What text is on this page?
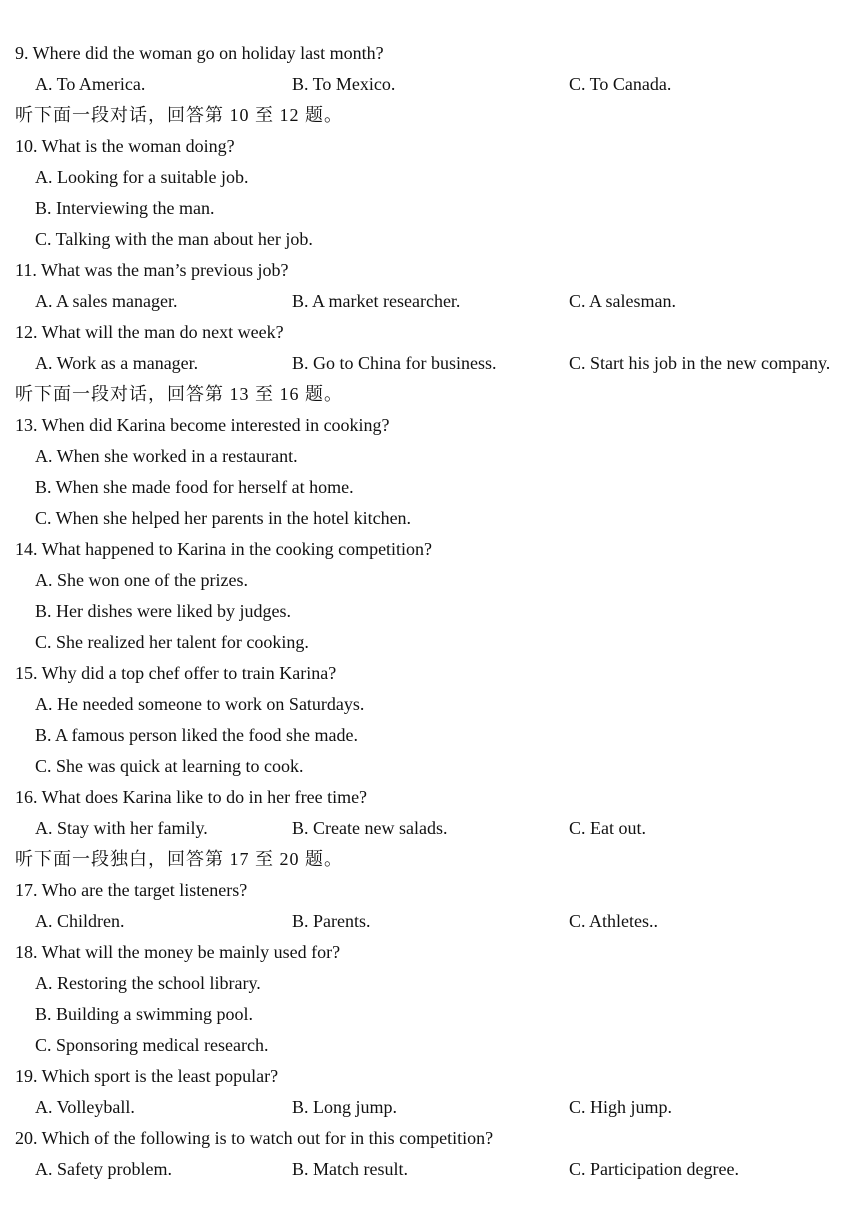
9. Where did the woman go on holiday last month?
A. To America.	B. To Mexico.	C. To Canada.
听下面一段对话，回答第 10 至 12 题。
10. What is the woman doing?
A. Looking for a suitable job.
B. Interviewing the man.
C. Talking with the man about her job.
11. What was the man’s previous job?
A. A sales manager.	B. A market researcher.	C. A salesman.
12. What will the man do next week?
A. Work as a manager.	B. Go to China for business.	C. Start his job in the new company.
听下面一段对话，回答第 13 至 16 题。
13. When did Karina become interested in cooking?
A. When she worked in a restaurant.
B. When she made food for herself at home.
C. When she helped her parents in the hotel kitchen.
14. What happened to Karina in the cooking competition?
A. She won one of the prizes.
B. Her dishes were liked by judges.
C. She realized her talent for cooking.
15. Why did a top chef offer to train Karina?
A. He needed someone to work on Saturdays.
B. A famous person liked the food she made.
C. She was quick at learning to cook.
16. What does Karina like to do in her free time?
A. Stay with her family.	B. Create new salads.	C. Eat out.
听下面一段独白，回答第 17 至 20 题。
17. Who are the target listeners?
A. Children.	B. Parents.	C. Athletes..
18. What will the money be mainly used for?
A. Restoring the school library.
B. Building a swimming pool.
C. Sponsoring medical research.
19. Which sport is the least popular?
A. Volleyball.	B. Long jump.	C. High jump.
20. Which of the following is to watch out for in this competition?
A. Safety problem.	B. Match result.	C. Participation degree.
